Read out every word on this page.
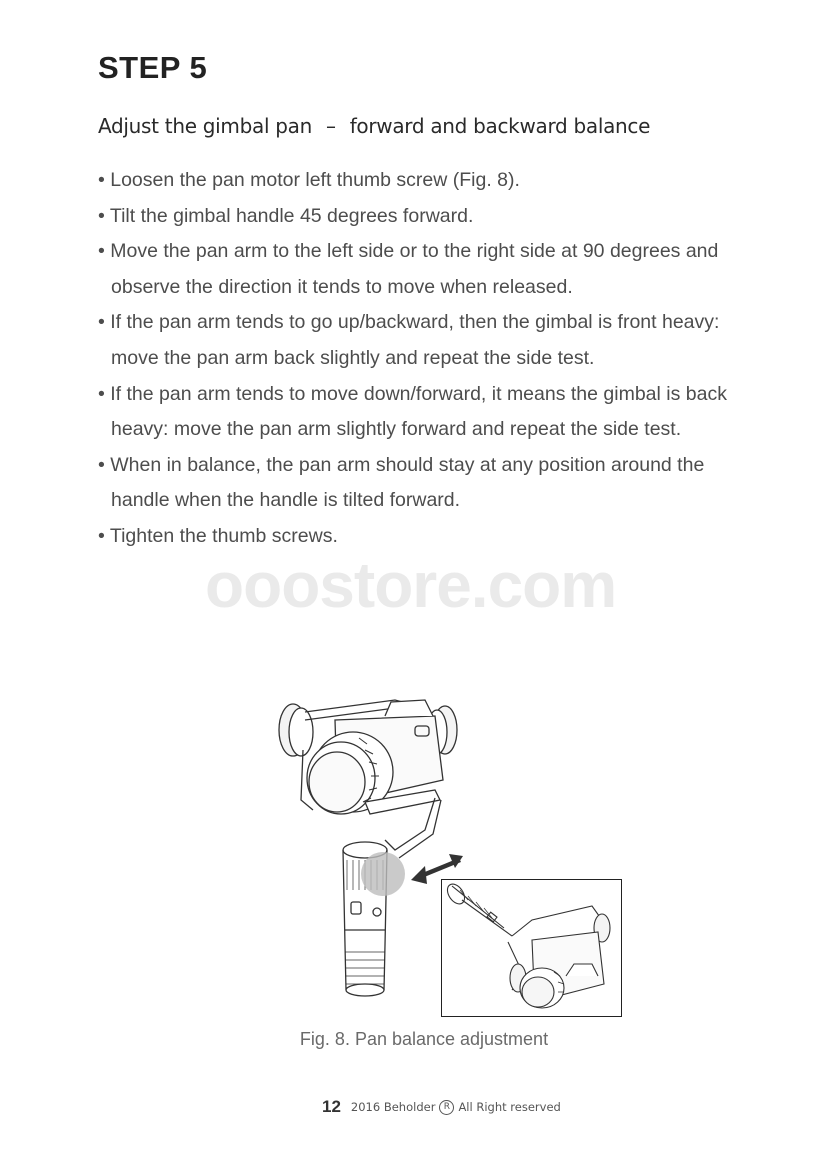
STEP 5
Adjust the gimbal pan – forward and backward balance
• Loosen the pan motor left thumb screw (Fig. 8).
• Tilt the gimbal handle 45 degrees forward.
• Move the pan arm to the left side or to the right side at 90 degrees and observe the direction it tends to move when released.
• If the pan arm tends to go up/backward, then the gimbal is front heavy: move the pan arm back slightly and repeat the side test.
• If the pan arm tends to move down/forward, it means the gimbal is back heavy: move the pan arm slightly forward and repeat the side test.
• When in balance, the pan arm should stay at any position around the handle when the handle is tilted forward.
• Tighten the thumb screws.
ooostore.com
Fig. 8. Pan balance adjustment
12 2016 Beholder R All Right reserved
